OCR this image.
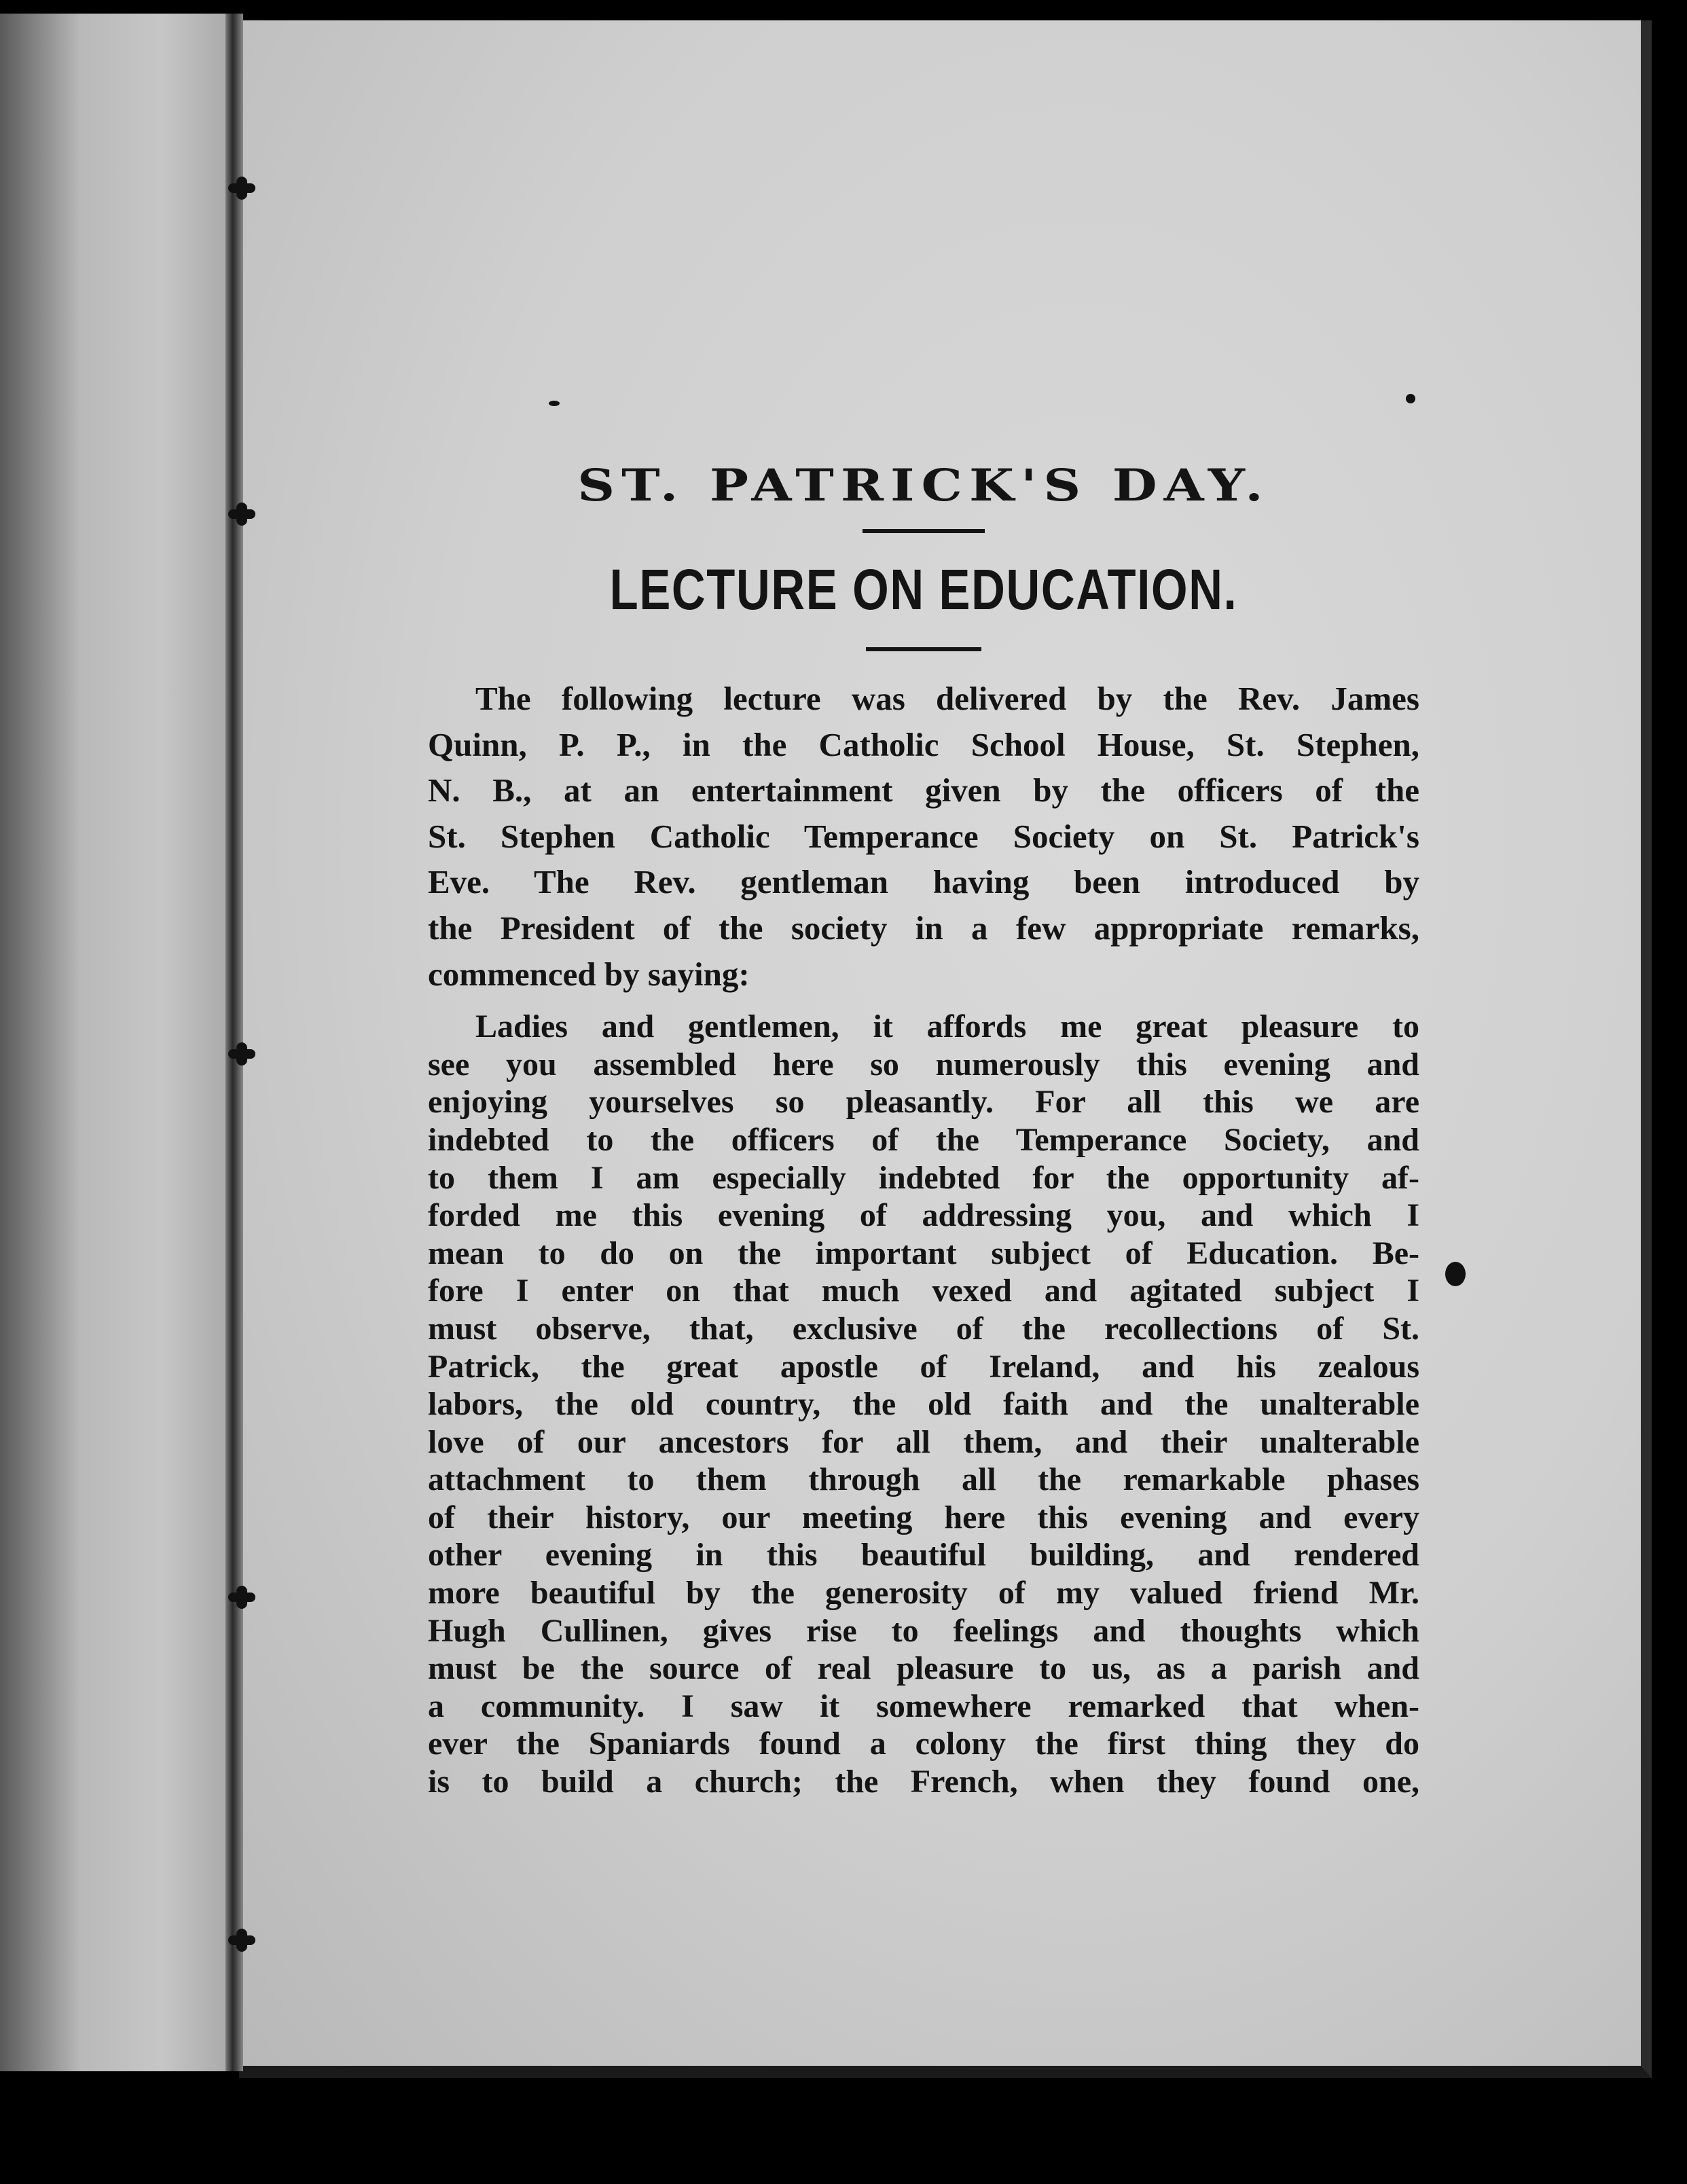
ST. PATRICK'S DAY.
LECTURE ON EDUCATION.
The following lecture was delivered by the Rev. James
Quinn, P. P., in the Catholic School House, St. Stephen,
N. B., at an entertainment given by the officers of the
St. Stephen Catholic Temperance Society on St. Patrick's
Eve. The Rev. gentleman having been introduced by
the President of the society in a few appropriate remarks,
commenced by saying:
Ladies and gentlemen, it affords me great pleasure to
see you assembled here so numerously this evening and
enjoying yourselves so pleasantly. For all this we are
indebted to the officers of the Temperance Society, and
to them I am especially indebted for the opportunity af-
forded me this evening of addressing you, and which I
mean to do on the important subject of Education. Be-
fore I enter on that much vexed and agitated subject I
must observe, that, exclusive of the recollections of St.
Patrick, the great apostle of Ireland, and his zealous
labors, the old country, the old faith and the unalterable
love of our ancestors for all them, and their unalterable
attachment to them through all the remarkable phases
of their history, our meeting here this evening and every
other evening in this beautiful building, and rendered
more beautiful by the generosity of my valued friend Mr.
Hugh Cullinen, gives rise to feelings and thoughts which
must be the source of real pleasure to us, as a parish and
a community. I saw it somewhere remarked that when-
ever the Spaniards found a colony the first thing they do
is to build a church; the French, when they found one,
